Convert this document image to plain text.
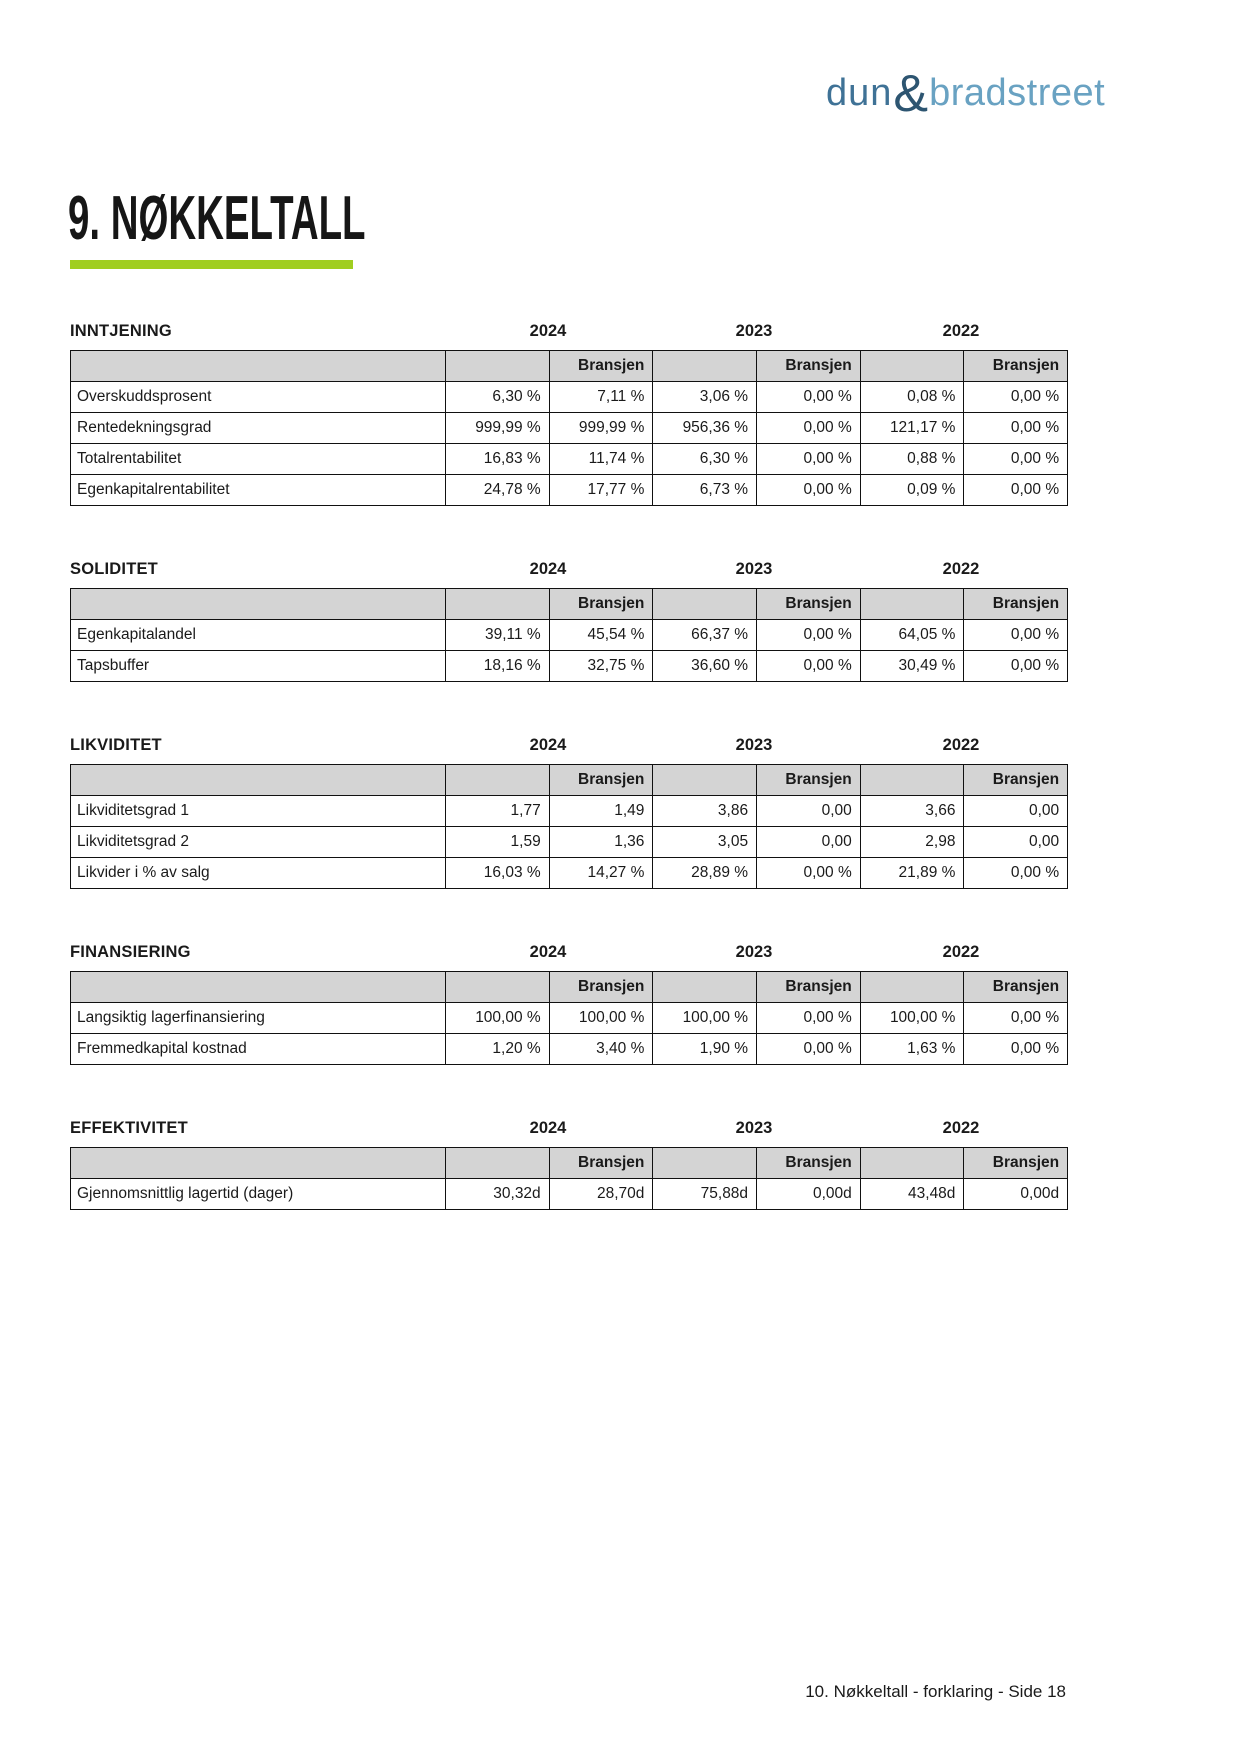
dun & bradstreet
9. NØKKELTALL
INNTJENING	2024	2023	2022
		Bransjen		Bransjen		Bransjen
Overskuddsprosent	6,30 %	7,11 %	3,06 %	0,00 %	0,08 %	0,00 %
Rentedekningsgrad	999,99 %	999,99 %	956,36 %	0,00 %	121,17 %	0,00 %
Totalrentabilitet	16,83 %	11,74 %	6,30 %	0,00 %	0,88 %	0,00 %
Egenkapitalrentabilitet	24,78 %	17,77 %	6,73 %	0,00 %	0,09 %	0,00 %
SOLIDITET	2024	2023	2022
		Bransjen		Bransjen		Bransjen
Egenkapitalandel	39,11 %	45,54 %	66,37 %	0,00 %	64,05 %	0,00 %
Tapsbuffer	18,16 %	32,75 %	36,60 %	0,00 %	30,49 %	0,00 %
LIKVIDITET	2024	2023	2022
		Bransjen		Bransjen		Bransjen
Likviditetsgrad 1	1,77	1,49	3,86	0,00	3,66	0,00
Likviditetsgrad 2	1,59	1,36	3,05	0,00	2,98	0,00
Likvider i % av salg	16,03 %	14,27 %	28,89 %	0,00 %	21,89 %	0,00 %
FINANSIERING	2024	2023	2022
		Bransjen		Bransjen		Bransjen
Langsiktig lagerfinansiering	100,00 %	100,00 %	100,00 %	0,00 %	100,00 %	0,00 %
Fremmedkapital kostnad	1,20 %	3,40 %	1,90 %	0,00 %	1,63 %	0,00 %
EFFEKTIVITET	2024	2023	2022
		Bransjen		Bransjen		Bransjen
Gjennomsnittlig lagertid (dager)	30,32d	28,70d	75,88d	0,00d	43,48d	0,00d
10. Nøkkeltall - forklaring - Side 18
